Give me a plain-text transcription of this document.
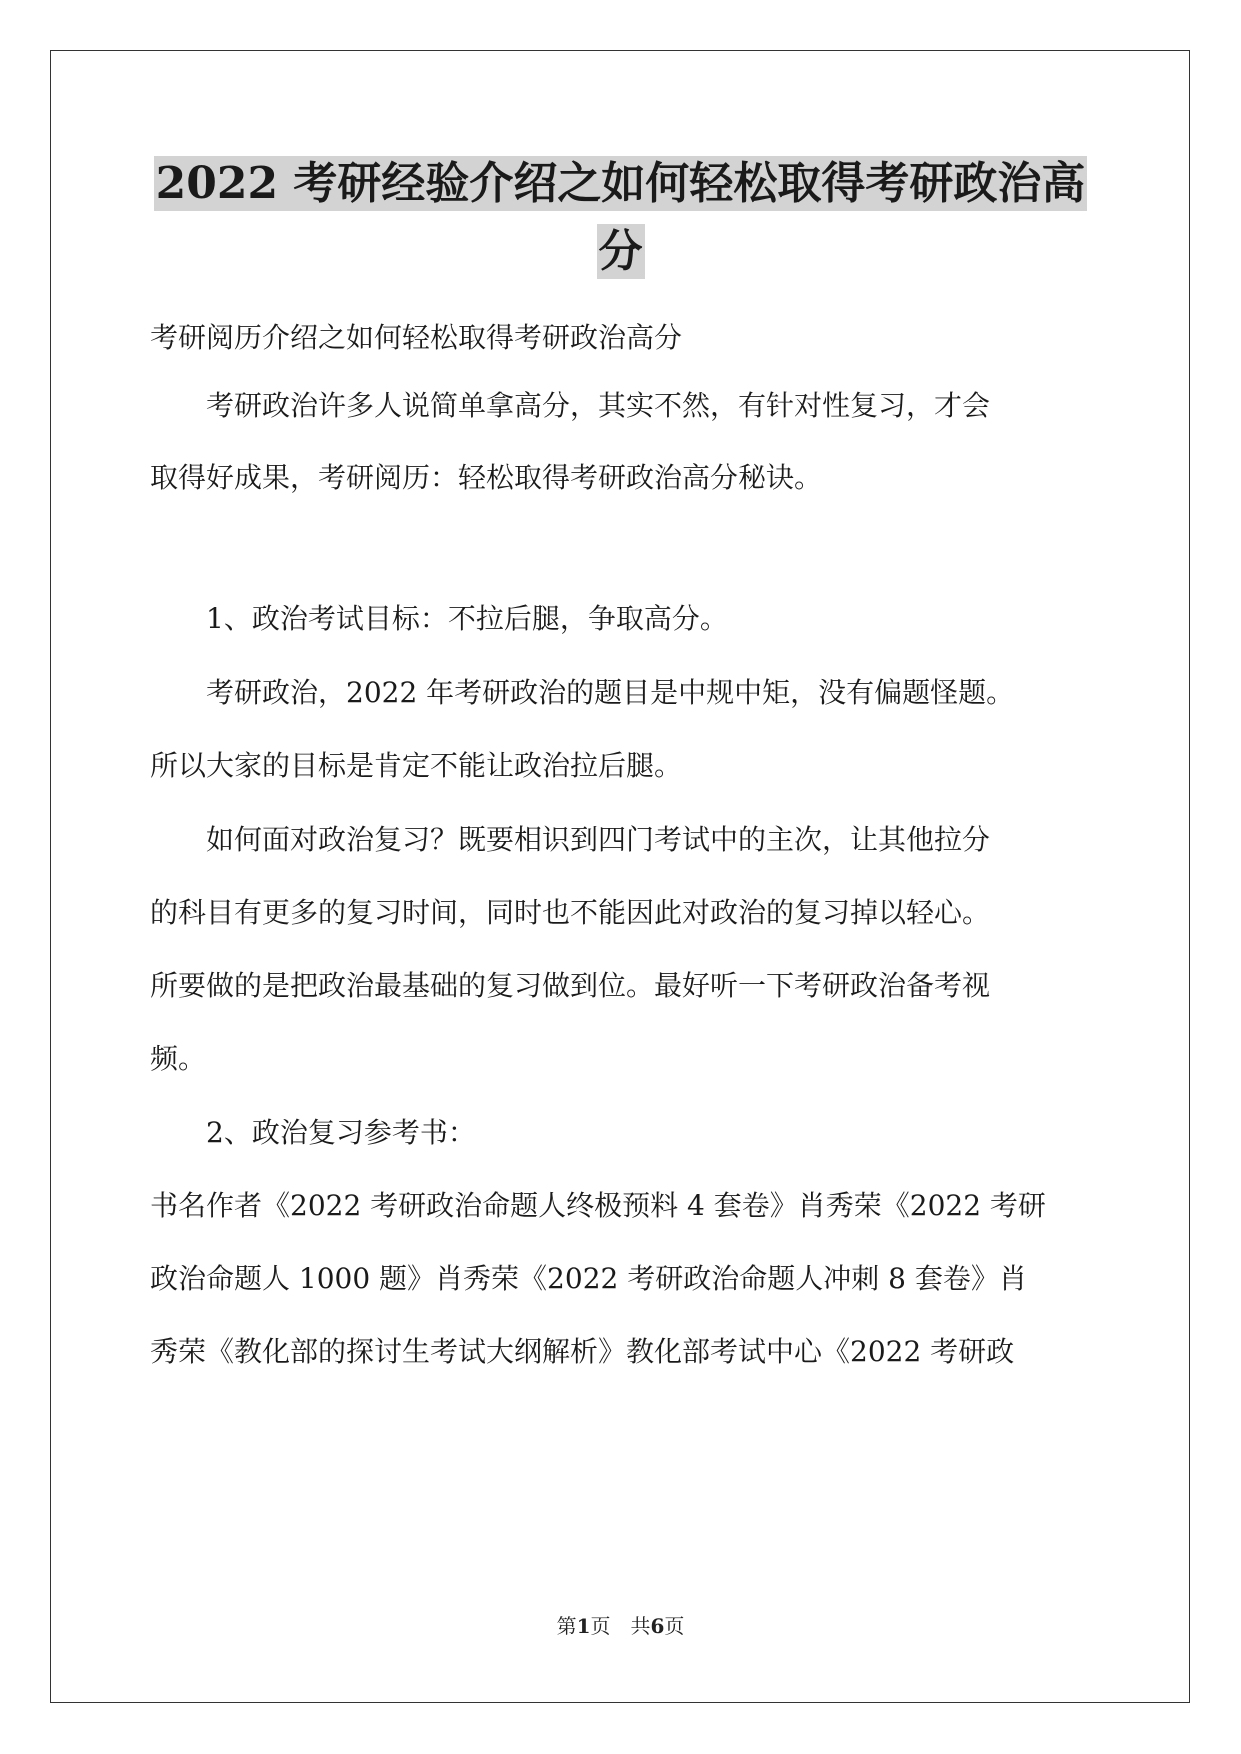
2022 考研经验介绍之如何轻松取得考研政治高
分

考研阅历介绍之如何轻松取得考研政治高分

　　考研政治许多人说简单拿高分，其实不然，有针对性复习，才会

取得好成果，考研阅历：轻松取得考研政治高分秘诀。

　　1、政治考试目标：不拉后腿，争取高分。

　　考研政治，2022 年考研政治的题目是中规中矩，没有偏题怪题。

所以大家的目标是肯定不能让政治拉后腿。

　　如何面对政治复习？既要相识到四门考试中的主次，让其他拉分

的科目有更多的复习时间，同时也不能因此对政治的复习掉以轻心。

所要做的是把政治最基础的复习做到位。最好听一下考研政治备考视

频。

　　2、政治复习参考书：

书名作者《2022 考研政治命题人终极预料 4 套卷》肖秀荣《2022 考研

政治命题人 1000 题》肖秀荣《2022 考研政治命题人冲刺 8 套卷》肖

秀荣《教化部的探讨生考试大纲解析》教化部考试中心《2022 考研政

第1页　共6页
